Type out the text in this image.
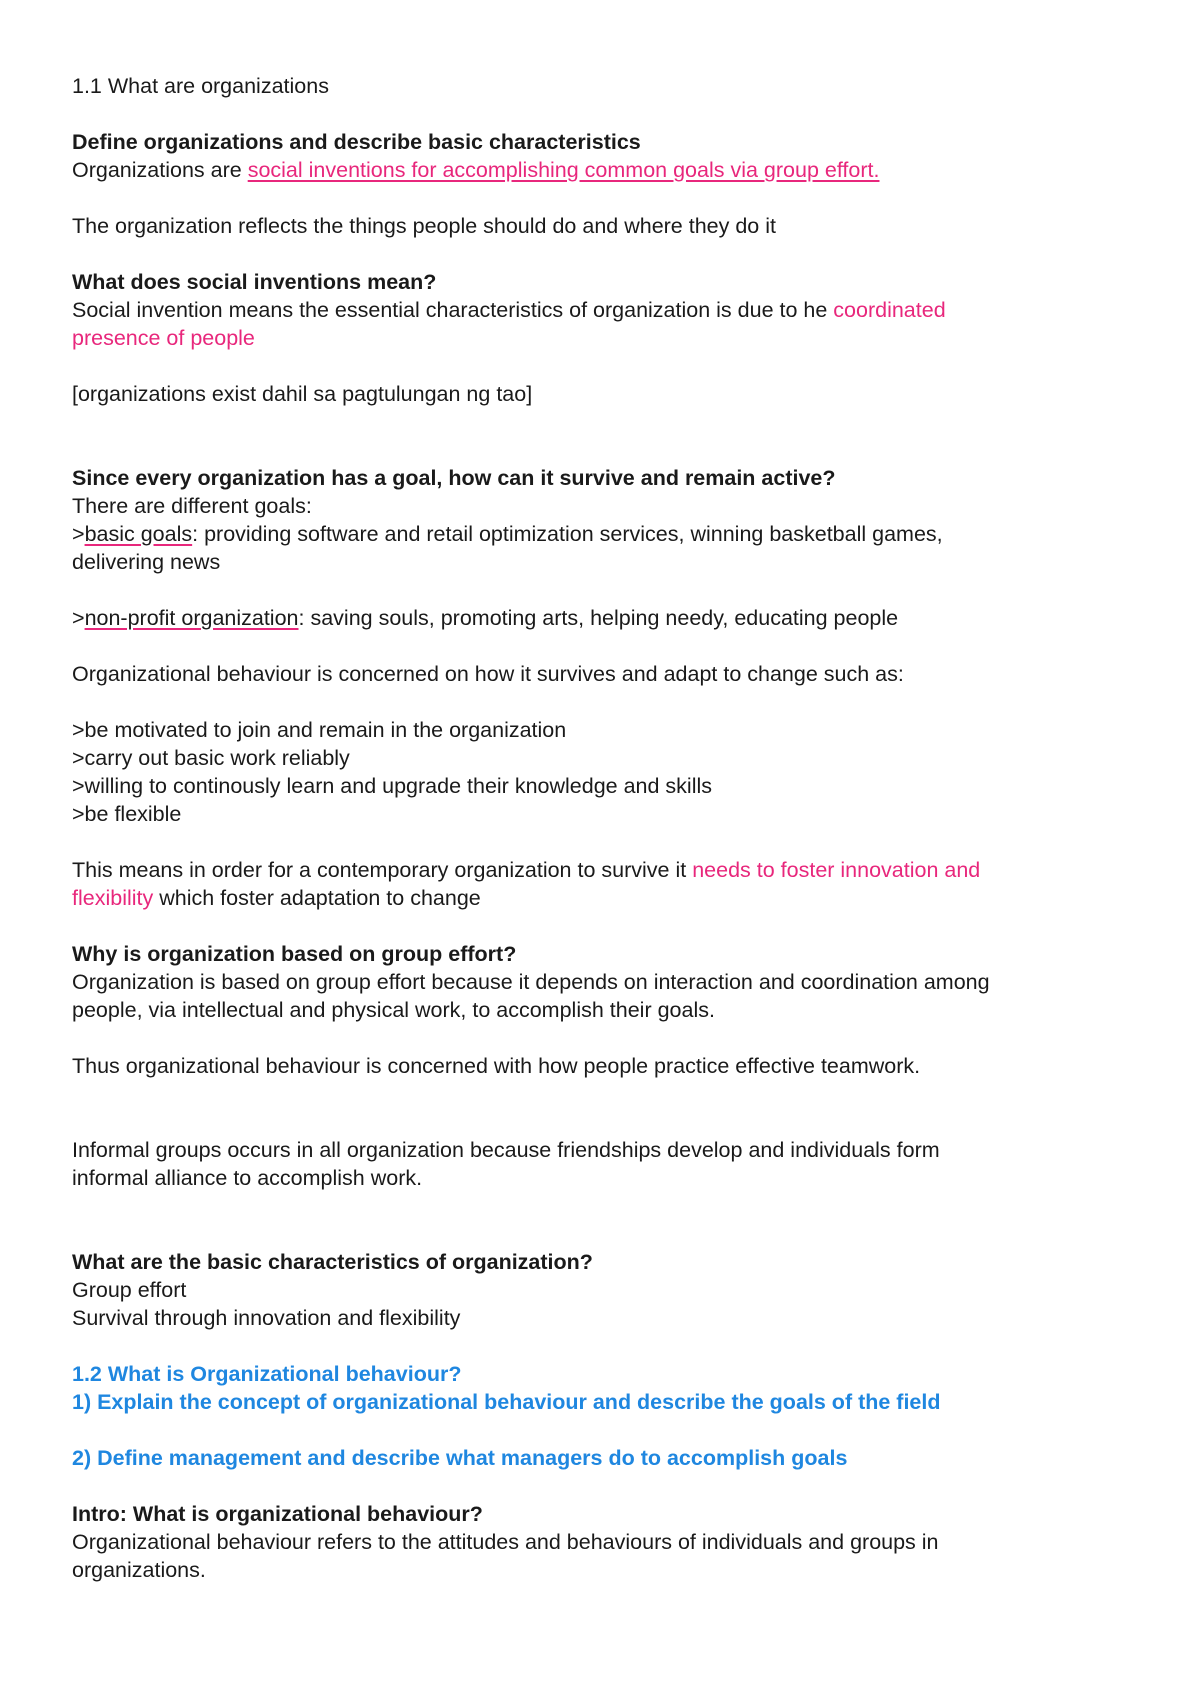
1.1 What are organizations

Define organizations and describe basic characteristics

Organizations are social inventions for accomplishing common goals via group effort.

The organization reflects the things people should do and where they do it

What does social inventions mean?

Social invention means the essential characteristics of organization is due to he coordinated

presence of people

[organizations exist dahil sa pagtulungan ng tao]

Since every organization has a goal, how can it survive and remain active?

There are different goals:

>basic goals: providing software and retail optimization services, winning basketball games,

delivering news

>non-profit organization: saving souls, promoting arts, helping needy, educating people

Organizational behaviour is concerned on how it survives and adapt to change such as:

>be motivated to join and remain in the organization

>carry out basic work reliably

>willing to continously learn and upgrade their knowledge and skills

>be flexible

This means in order for a contemporary organization to survive it needs to foster innovation and

flexibility which foster adaptation to change

Why is organization based on group effort?

Organization is based on group effort because it depends on interaction and coordination among

people, via intellectual and physical work, to accomplish their goals.

Thus organizational behaviour is concerned with how people practice effective teamwork.

Informal groups occurs in all organization because friendships develop and individuals form

informal alliance to accomplish work.

What are the basic characteristics of organization?

Group effort

Survival through innovation and flexibility

1.2 What is Organizational behaviour?

1) Explain the concept of organizational behaviour and describe the goals of the field

2) Define management and describe what managers do to accomplish goals

Intro: What is organizational behaviour?

Organizational behaviour refers to the attitudes and behaviours of individuals and groups in

organizations.
